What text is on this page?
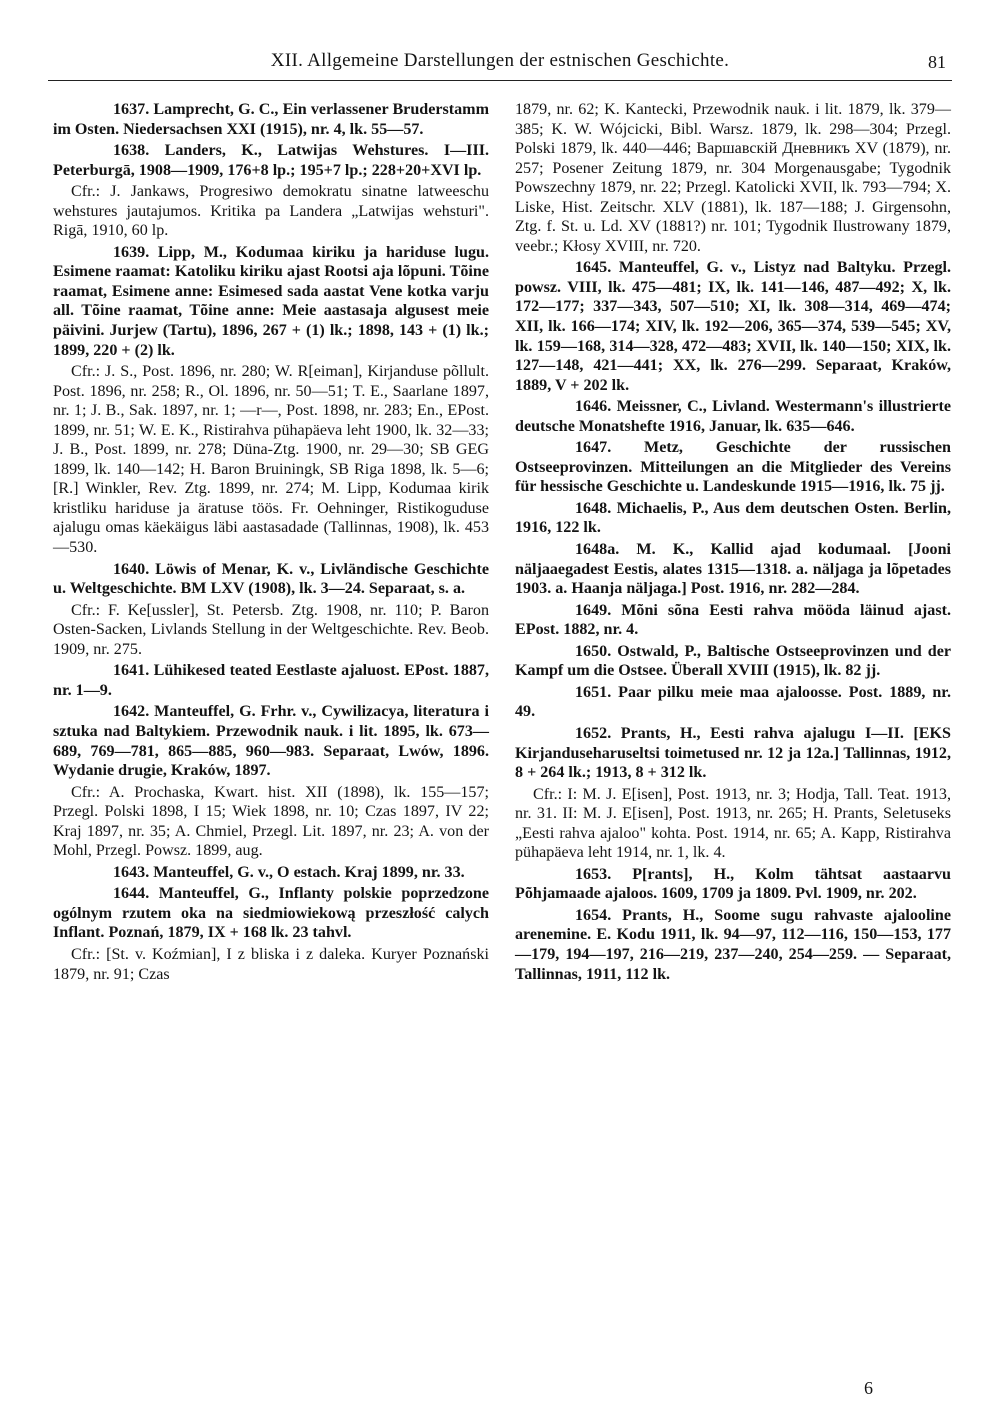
XII. Allgemeine Darstellungen der estnischen Geschichte.	81

1637. Lamprecht, G. C., Ein verlassener Bruderstamm im Osten. Niedersachsen XXI (1915), nr. 4, lk. 55—57.

1638. Landers, K., Latwijas Wehstures. I—III. Peterburgā, 1908—1909, 176+8 lp.; 195+7 lp.; 228+20+XVI lp.

Cfr.: J. Jankaws, Progresiwo demokratu sinatne latweeschu wehstures jautajumos. Kritika pa Landera „Latwijas wehsturi". Rigā, 1910, 60 lp.

1639. Lipp, M., Kodumaa kiriku ja hariduse lugu. Esimene raamat: Katoliku kiriku ajast Rootsi aja lõpuni. Tõine raamat, Esimene anne: Esimesed sada aastat Vene kotka varju all. Tõine raamat, Tõine anne: Meie aastasaja algusest meie päivini. Jurjew (Tartu), 1896, 267 + (1) lk.; 1898, 143 + (1) lk.; 1899, 220 + (2) lk.

Cfr.: J. S., Post. 1896, nr. 280; W. R[eiman], Kirjanduse põllult. Post. 1896, nr. 258; R., Ol. 1896, nr. 50—51; T. E., Saarlane 1897, nr. 1; J. B., Sak. 1897, nr. 1; —r—, Post. 1898, nr. 283; En., EPost. 1899, nr. 51; W. E. K., Ristirahva pühapäeva leht 1900, lk. 32—33; J. B., Post. 1899, nr. 278; Düna-Ztg. 1900, nr. 29—30; SB GEG 1899, lk. 140—142; H. Baron Bruiningk, SB Riga 1898, lk. 5—6; [R.] Winkler, Rev. Ztg. 1899, nr. 274; M. Lipp, Kodumaa kirik kristliku hariduse ja äratuse töös. Fr. Oehninger, Ristikoguduse ajalugu omas käekäigus läbi aastasadade (Tallinnas, 1908), lk. 453—530.

1640. Löwis of Menar, K. v., Livländische Geschichte u. Weltgeschichte. BM LXV (1908), lk. 3—24. Separaat, s. a.

Cfr.: F. Ke[ussler], St. Petersb. Ztg. 1908, nr. 110; P. Baron Osten-Sacken, Livlands Stellung in der Weltgeschichte. Rev. Beob. 1909, nr. 275.

1641. Lühikesed teated Eestlaste ajaluost. EPost. 1887, nr. 1—9.

1642. Manteuffel, G. Frhr. v., Cywilizacya, literatura i sztuka nad Baltykiem. Przewodnik nauk. i lit. 1895, lk. 673—689, 769—781, 865—885, 960—983. Separaat, Lwów, 1896. Wydanie drugie, Kraków, 1897.

Cfr.: A. Prochaska, Kwart. hist. XII (1898), lk. 155—157; Przegl. Polski 1898, I 15; Wiek 1898, nr. 10; Czas 1897, IV 22; Kraj 1897, nr. 35; A. Chmiel, Przegl. Lit. 1897, nr. 23; A. von der Mohl, Przegl. Powsz. 1899, aug.

1643. Manteuffel, G. v., O estach. Kraj 1899, nr. 33.

1644. Manteuffel, G., Inflanty polskie poprzedzone ogólnym rzutem oka na siedmiowiekową przeszłość calych Inflant. Poznań, 1879, IX + 168 lk. 23 tahvl.

Cfr.: [St. v. Koźmian], I z bliska i z daleka. Kuryer Poznański 1879, nr. 91; Czas

1879, nr. 62; K. Kantecki, Przewodnik nauk. i lit. 1879, lk. 379—385; K. W. Wójcicki, Bibl. Warsz. 1879, lk. 298—304; Przegl. Polski 1879, lk. 440—446; Варшавскій Дневникъ XV (1879), nr. 257; Posener Zeitung 1879, nr. 304 Morgenausgabe; Tygodnik Powszechny 1879, nr. 22; Przegl. Katolicki XVII, lk. 793—794; X. Liske, Hist. Zeitschr. XLV (1881), lk. 187—188; J. Girgensohn, Ztg. f. St. u. Ld. XV (1881?) nr. 101; Tygodnik Ilustrowany 1879, veebr.; Kłosy XVIII, nr. 720.

1645. Manteuffel, G. v., Listyz nad Baltyku. Przegl. powsz. VIII, lk. 475—481; IX, lk. 141—146, 487—492; X, lk. 172—177; 337—343, 507—510; XI, lk. 308—314, 469—474; XII, lk. 166—174; XIV, lk. 192—206, 365—374, 539—545; XV, lk. 159—168, 314—328, 472—483; XVII, lk. 140—150; XIX, lk. 127—148, 421—441; XX, lk. 276—299. Separaat, Kraków, 1889, V + 202 lk.

1646. Meissner, C., Livland. Westermann's illustrierte deutsche Monatshefte 1916, Januar, lk. 635—646.

1647. Metz, Geschichte der russischen Ostseeprovinzen. Mitteilungen an die Mitglieder des Vereins für hessische Geschichte u. Landeskunde 1915—1916, lk. 75 jj.

1648. Michaelis, P., Aus dem deutschen Osten. Berlin, 1916, 122 lk.

1648a. M. K., Kallid ajad kodumaal. [Jooni näljaaegadest Eestis, alates 1315—1318. a. näljaga ja lõpetades 1903. a. Haanja näljaga.] Post. 1916, nr. 282—284.

1649. Mõni sõna Eesti rahva mööda läinud ajast. EPost. 1882, nr. 4.

1650. Ostwald, P., Baltische Ostseeprovinzen und der Kampf um die Ostsee. Überall XVIII (1915), lk. 82 jj.

1651. Paar pilku meie maa ajaloosse. Post. 1889, nr. 49.

1652. Prants, H., Eesti rahva ajalugu I—II. [EKS Kirjanduseharuseltsi toimetused nr. 12 ja 12a.] Tallinnas, 1912, 8 + 264 lk.; 1913, 8 + 312 lk.

Cfr.: I: M. J. E[isen], Post. 1913, nr. 3; Hodja, Tall. Teat. 1913, nr. 31. II: M. J. E[isen], Post. 1913, nr. 265; H. Prants, Seletuseks „Eesti rahva ajaloo" kohta. Post. 1914, nr. 65; A. Kapp, Ristirahva pühapäeva leht 1914, nr. 1, lk. 4.

1653. P[rants], H., Kolm tähtsat aastaarvu Põhjamaade ajaloos. 1609, 1709 ja 1809. Pvl. 1909, nr. 202.

1654. Prants, H., Soome sugu rahvaste ajalooline arenemine. E. Kodu 1911, lk. 94—97, 112—116, 150—153, 177—179, 194—197, 216—219, 237—240, 254—259. — Separaat, Tallinnas, 1911, 112 lk.

6
